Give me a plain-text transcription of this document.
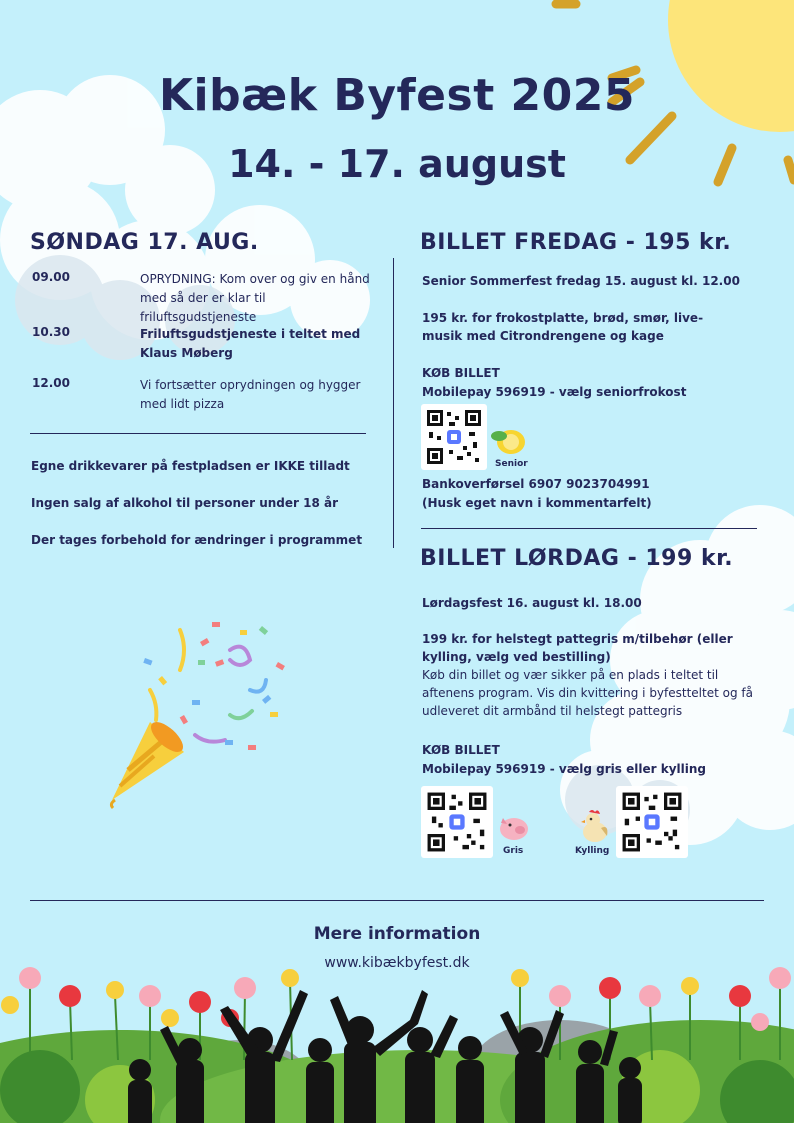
Kibæk Byfest 2025
14. - 17. august
SØNDAG 17. AUG.
09.00	OPRYDNING: Kom over og giv en hånd med så der er klar til friluftsgudstjeneste
10.30	Friluftsgudstjeneste i teltet med Klaus Møberg
12.00	Vi fortsætter oprydningen og hygger med lidt pizza
Egne drikkevarer på festpladsen er IKKE tilladt
Ingen salg af alkohol til personer under 18 år
Der tages forbehold for ændringer i programmet
BILLET FREDAG - 195 kr.
Senior Sommerfest fredag 15. august kl. 12.00
195 kr. for frokostplatte, brød, smør, live-musik med Citrondrengene og kage
KØB BILLET
Mobilepay 596919 - vælg seniorfrokost
Senior
Bankoverførsel 6907 9023704991
(Husk eget navn i kommentarfelt)
BILLET LØRDAG - 199 kr.
Lørdagsfest 16. august kl. 18.00
199 kr. for helstegt pattegris m/tilbehør (eller kylling, vælg ved bestilling)
Køb din billet og vær sikker på en plads i teltet til aftenens program. Vis din kvittering i byfestteltet og få udleveret dit armbånd til helstegt pattegris
KØB BILLET
Mobilepay 596919 - vælg gris eller kylling
Gris	Kylling
Mere information
www.kibækbyfest.dk
